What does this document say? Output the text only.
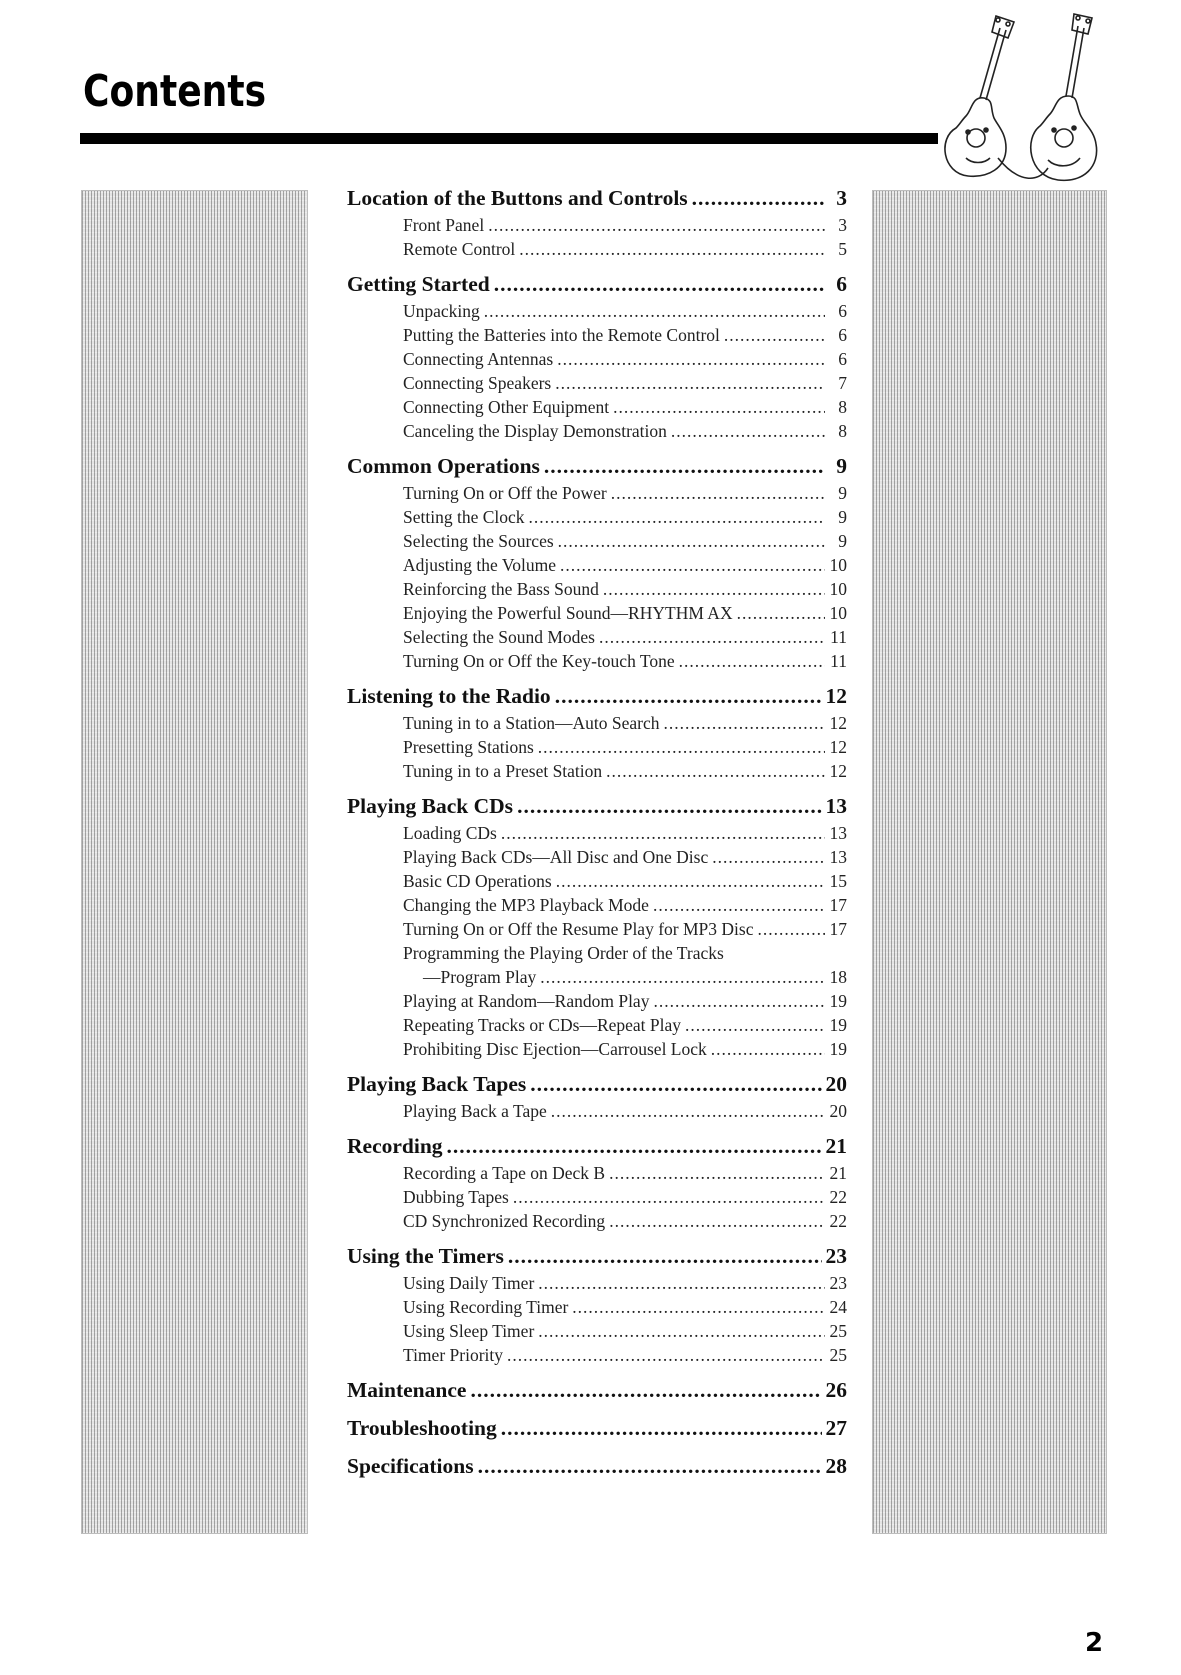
Contents
Location of the Buttons and Controls .....	3
Front Panel .....	3
Remote Control .....	5
Getting Started .....	6
Unpacking .....	6
Putting the Batteries into the Remote Control .....	6
Connecting Antennas .....	6
Connecting Speakers .....	7
Connecting Other Equipment .....	8
Canceling the Display Demonstration .....	8
Common Operations .....	9
Turning On or Off the Power .....	9
Setting the Clock .....	9
Selecting the Sources .....	9
Adjusting the Volume .....	10
Reinforcing the Bass Sound .....	10
Enjoying the Powerful Sound—RHYTHM AX .....	10
Selecting the Sound Modes .....	11
Turning On or Off the Key-touch Tone .....	11
Listening to the Radio .....	12
Tuning in to a Station—Auto Search .....	12
Presetting Stations .....	12
Tuning in to a Preset Station .....	12
Playing Back CDs .....	13
Loading CDs .....	13
Playing Back CDs—All Disc and One Disc .....	13
Basic CD Operations .....	15
Changing the MP3 Playback Mode .....	17
Turning On or Off the Resume Play for MP3 Disc .....	17
Programming the Playing Order of the Tracks
—Program Play .....	18
Playing at Random—Random Play .....	19
Repeating Tracks or CDs—Repeat Play .....	19
Prohibiting Disc Ejection—Carrousel Lock .....	19
Playing Back Tapes .....	20
Playing Back a Tape .....	20
Recording .....	21
Recording a Tape on Deck B .....	21
Dubbing Tapes .....	22
CD Synchronized Recording .....	22
Using the Timers .....	23
Using Daily Timer .....	23
Using Recording Timer .....	24
Using Sleep Timer .....	25
Timer Priority .....	25
Maintenance .....	26
Troubleshooting .....	27
Specifications .....	28
2
